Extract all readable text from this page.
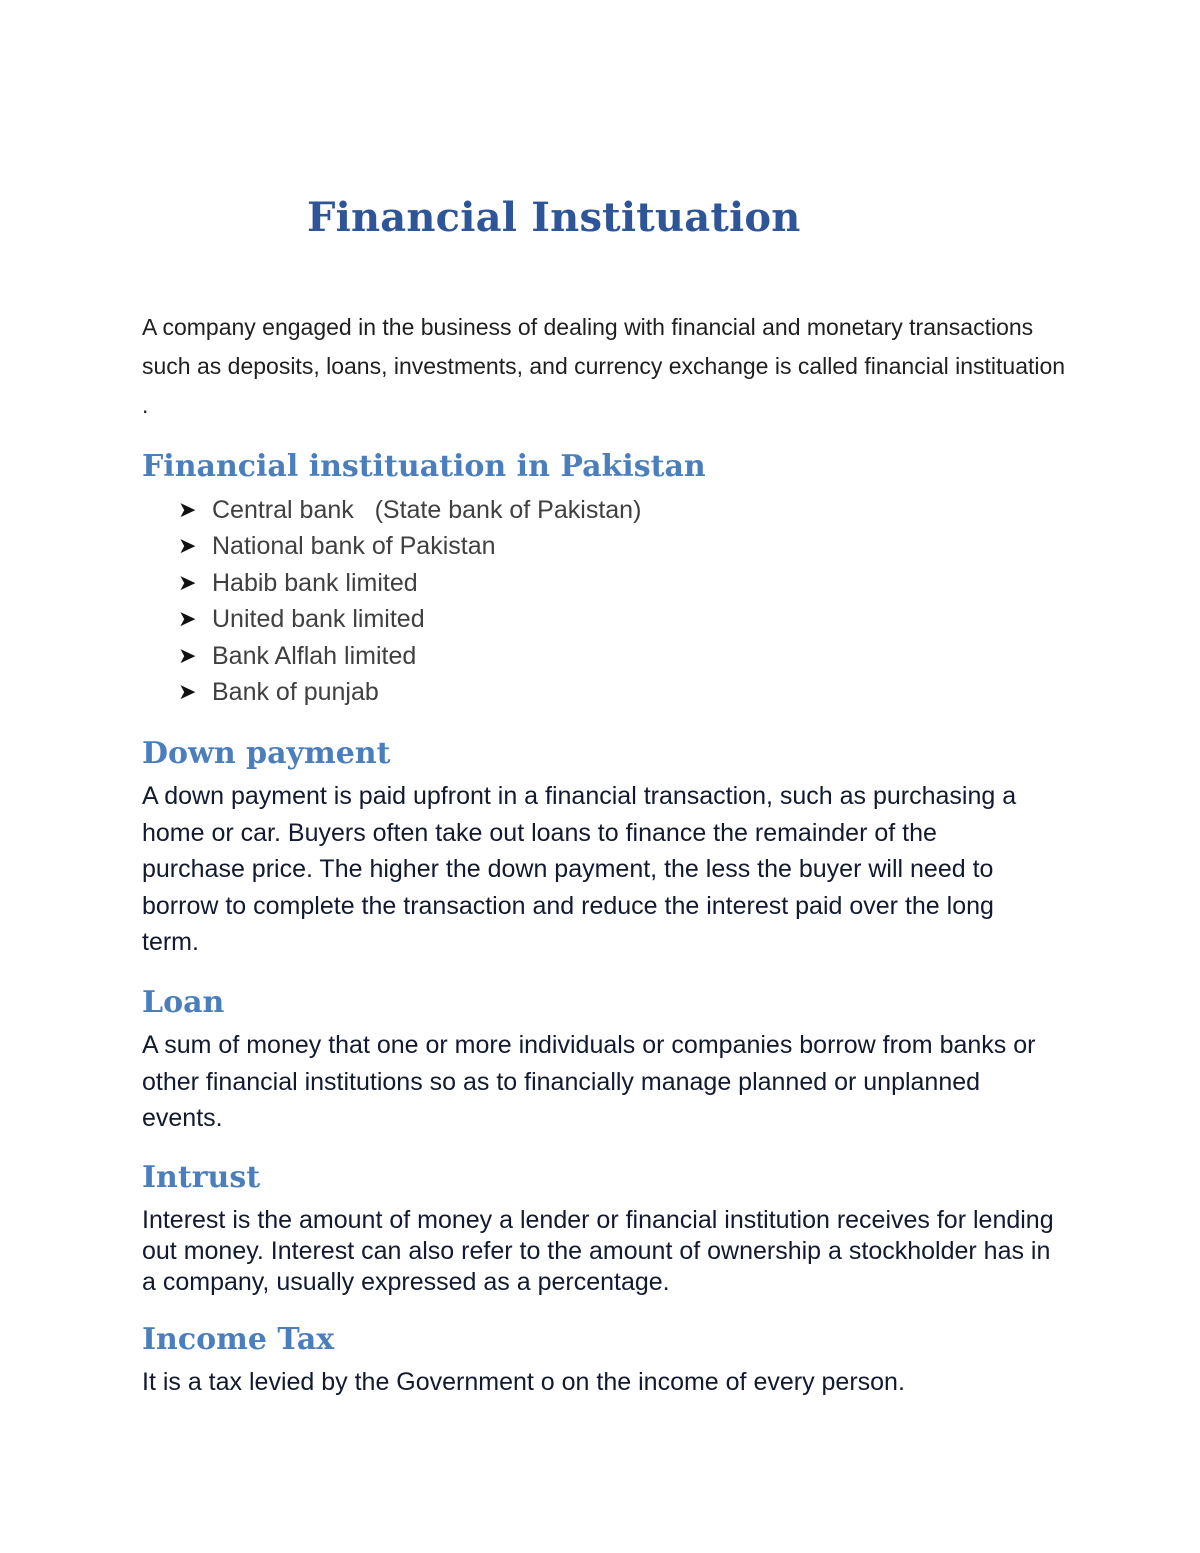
Financial Instituation

A company engaged in the business of dealing with financial and monetary transactions such as deposits, loans, investments, and currency exchange is called financial instituation .

Financial instituation in Pakistan
➤ Central bank   (State bank of Pakistan)
➤ National bank of Pakistan
➤ Habib bank limited
➤ United bank limited
➤ Bank Alflah limited
➤ Bank of punjab
Down payment

A down payment is paid upfront in a financial transaction, such as purchasing a home or car. Buyers often take out loans to finance the remainder of the purchase price. The higher the down payment, the less the buyer will need to borrow to complete the transaction and reduce the interest paid over the long term.

Loan

A sum of money that one or more individuals or companies borrow from banks or other financial institutions so as to financially manage planned or unplanned events.

Intrust

Interest is the amount of money a lender or financial institution receives for lending out money. Interest can also refer to the amount of ownership a stockholder has in a company, usually expressed as a percentage.

Income Tax

It is a tax levied by the Government o on the income of every person.
